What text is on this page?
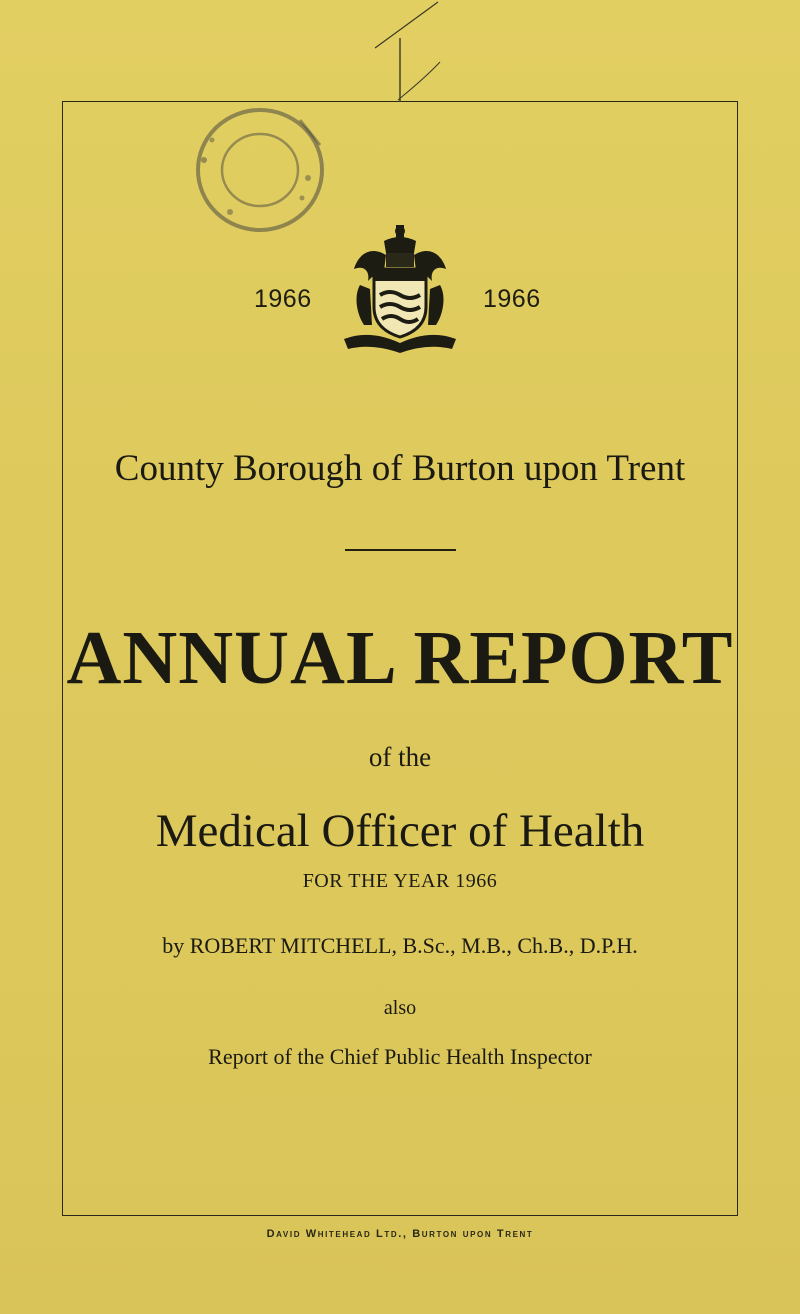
1966	1966
County Borough of Burton upon Trent
ANNUAL REPORT
of the
Medical Officer of Health
FOR THE YEAR 1966
by ROBERT MITCHELL, B.Sc., M.B., Ch.B., D.P.H.
also
Report of the Chief Public Health Inspector
David Whitehead Ltd., Burton upon Trent
